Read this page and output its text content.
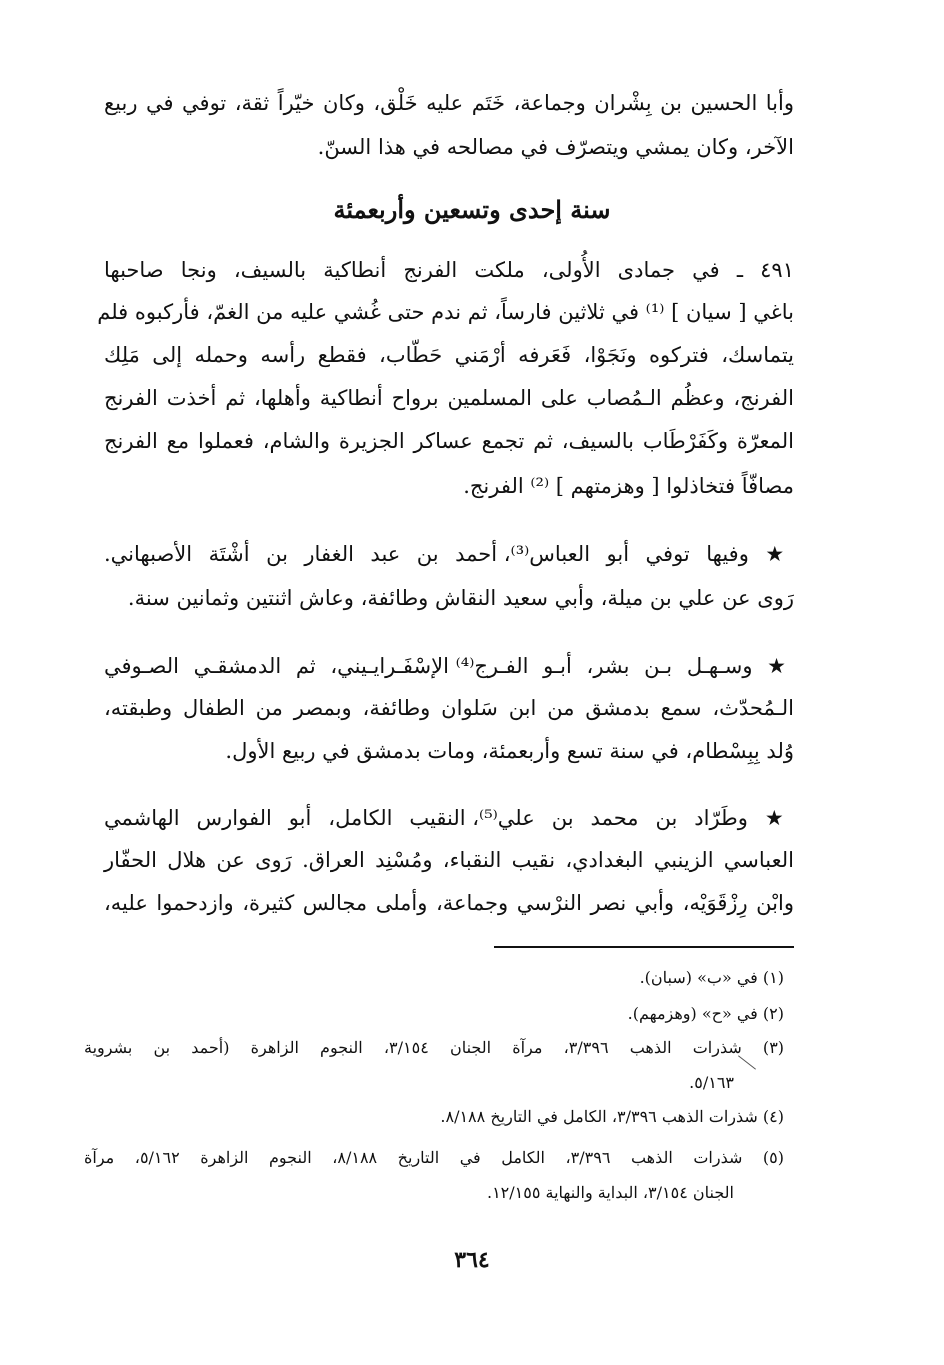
وأبا الحسين بن بِشْران وجماعة، خَتَم عليه خَلْق، وكان خيّراً ثقة، توفي في ربيع
الآخر، وكان يمشي ويتصرّف في مصالحه في هذا السنّ.
سنة إحدى وتسعين وأربعمئة
٤٩١ ـ في جمادى الأُولى، ملكت الفرنج أنطاكية بالسيف، ونجا صاحبها
باغي [ سيان ] ⁽¹⁾ في ثلاثين فارساً، ثم ندم حتى غُشي عليه من الغمّ، فأركبوه فلم
يتماسك، فتركوه ونَجَوْا، فَعَرفه أرْمَني حَطّاب، فقطع رأسه وحمله إلى مَلِك
الفرنج، وعظُم الـمُصاب على المسلمين برواح أنطاكية وأهلها، ثم أخذت الفرنج
المعرّة وكَفَرْطَاب بالسيف، ثم تجمع عساكر الجزيرة والشام، فعملوا مع الفرنج
مصافّاً فتخاذلوا [ وهزمتهم ] ⁽²⁾ الفرنج.
★ وفيها توفي أبو العباس⁽³⁾، أحمد بن عبد الغفار بن أشْتَة الأصبهاني.
رَوى عن علي بن ميلة، وأبي سعيد النقاش وطائفة، وعاش اثنتين وثمانين سنة.
★ وسـهـل بـن بشر، أبـو الفـرج⁽⁴⁾ الإسْفَـرايـيني، ثم الدمشقـي الصـوفي
الـمُحدّث، سمع بدمشق من ابن سَلوان وطائفة، وبمصر من الطفال وطبقته،
وُلد بِبِسْطام، في سنة تسع وأربعمئة، ومات بدمشق في ربيع الأول.
★ وطَرّاد بن محمد بن علي⁽⁵⁾، النقيب الكامل، أبو الفوارس الهاشمي
العباسي الزينبي البغدادي، نقيب النقباء، ومُسْنِد العراق. رَوى عن هلال الحفّار
وابْن رِزْقَوَيْه، وأبي نصر النرْسي وجماعة، وأملى مجالس كثيرة، وازدحموا عليه،
(١) في «ب» (سبان).
(٢) في «ح» (وهزمهم).
(٣) شذرات الذهب ٣/٣٩٦، مرآة الجنان ٣/١٥٤، النجوم الزاهرة (أحمد بن بشروية
٥/١٦٣.
(٤) شذرات الذهب ٣/٣٩٦، الكامل في التاريخ ٨/١٨٨.
(٥) شذرات الذهب ٣/٣٩٦، الكامل في التاريخ ٨/١٨٨، النجوم الزاهرة ٥/١٦٢، مرآة
الجنان ٣/١٥٤، البداية والنهاية ١٢/١٥٥.
٣٦٤
